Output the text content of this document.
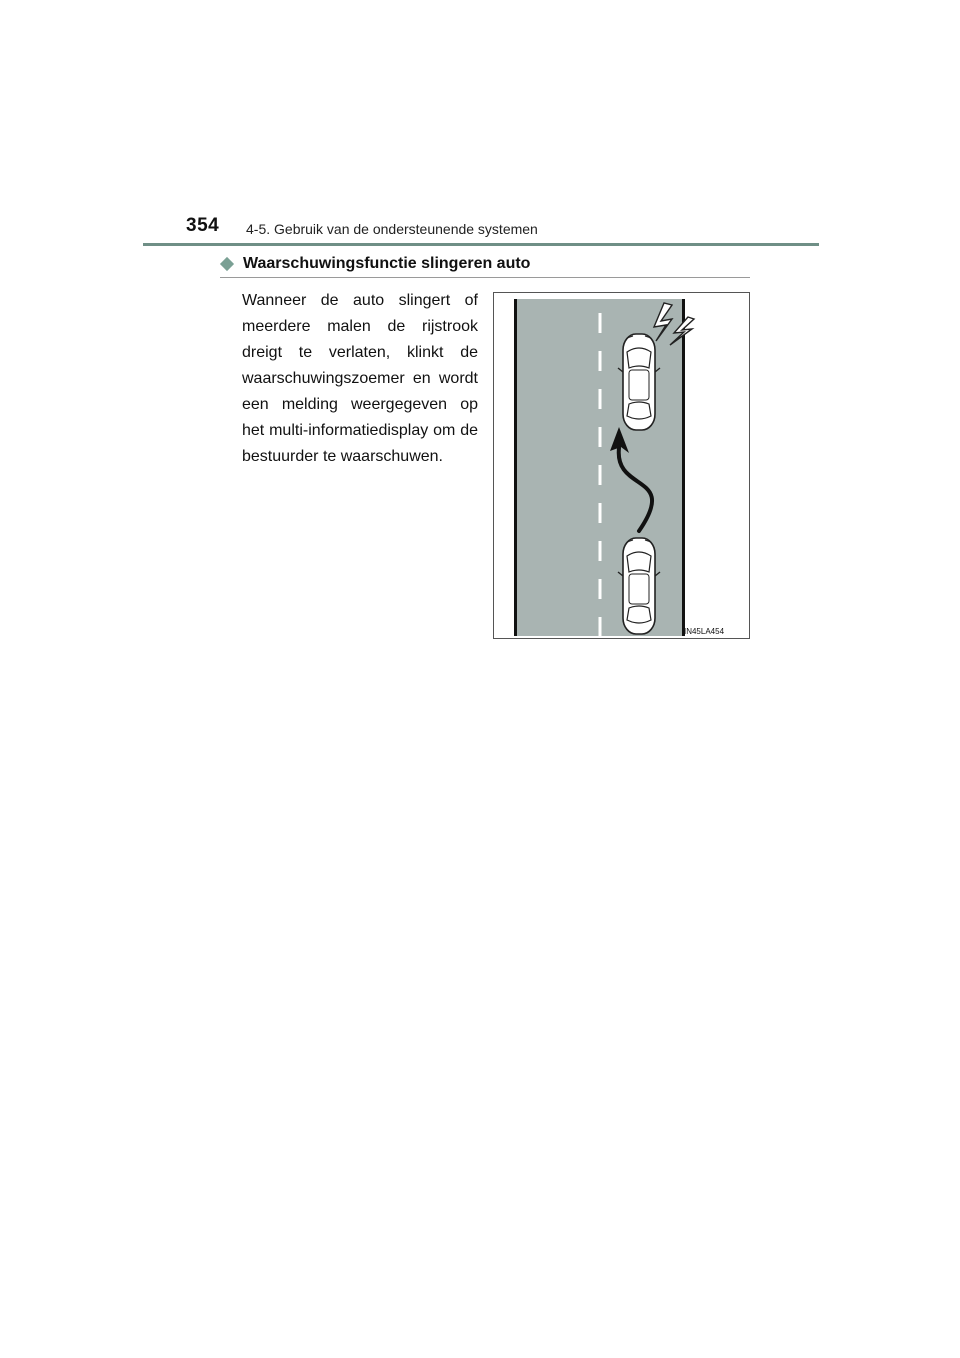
354 4-5. Gebruik van de ondersteunende systemen
Waarschuwingsfunctie slingeren auto
Wanneer de auto slingert of meerdere malen de rijstrook dreigt te verlaten, klinkt de waarschuwingszoemer en wordt een melding weergegeven op het multi-informatiedisplay om de bestuurder te waarschuwen.
IN45LA454
